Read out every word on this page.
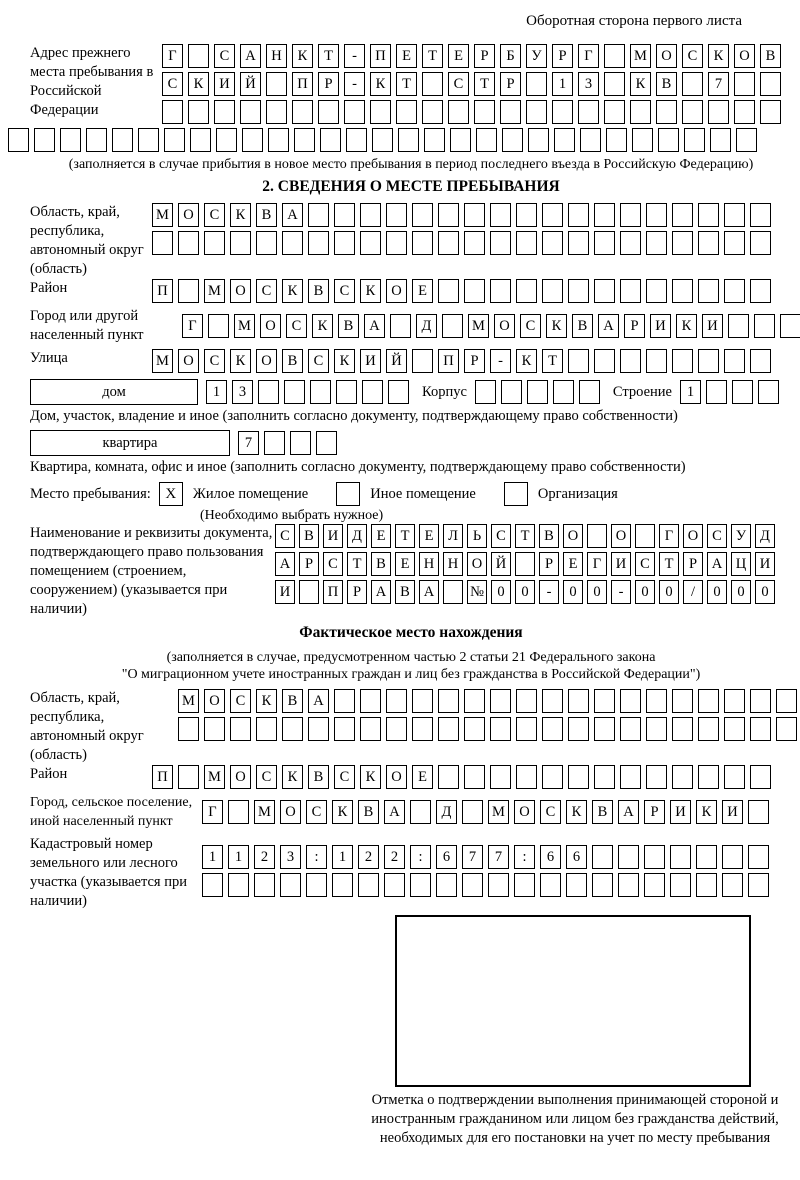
Оборотная сторона первого листа
Адрес прежнего места пребывания в Российской Федерации
Г	С	А	Н	К	Т	-	П	Е	Т	Е	Р	Б	У	Р	Г	М О	С	К	О	В
С	К	И	Й	П	Р	-	К	Т	С	Т	Р	1	3	К	В	7
(заполняется в случае прибытия в новое место пребывания в период последнего въезда в Российскую Федерацию)
2. СВЕДЕНИЯ О МЕСТЕ ПРЕБЫВАНИЯ
Область, край, республика, автономный округ (область)
М О	С	К	В	А
Район	П	М О	С	К	В	С	К	О	Е
Город или другой населенный пункт
Г	М О	С	К	В	А	Д	М О	С	К	В	А	Р	И	К	И
Улица	М О	С	К	О	В	С	К	И	Й	П	Р	-	К	Т
дом	1	3	Корпус	Строение	1
Дом, участок, владение и иное (заполнить согласно документу, подтверждающему право собственности)
квартира	7
Квартира, комната, офис и иное (заполнить согласно документу, подтверждающему право собственности)
Место пребывания: X	Жилое помещение	Иное помещение	Организация
(Необходимо выбрать нужное)
Наименование и реквизиты документа, подтверждающего право пользования помещением (строением, сооружением) (указывается при наличии)
С В И Д	Е	Т	Е	Л	Ь	С	Т	В О	О	Г	О С У Д
А	Р	С	Т	В	Е Н Н О Й	Р	Е	Г	И С	Т	Р	А Ц И
И	П	Р	А В А	№ 0	0	-	0	0	-	0	0	/	0	0	0
Фактическое место нахождения
(заполняется в случае, предусмотренном частью 2 статьи 21 Федерального закона
"О миграционном учете иностранных граждан и лиц без гражданства в Российской Федерации")
Область, край, республика, автономный округ (область)
М О	С	К	В	А
Район	П	М О	С	К	В	С	К	О	Е
Город, сельское поселение, иной населенный пункт
Г	М О	С	К	В	А	Д	М О	С	К	В	А	Р	И	К	И
Кадастровый номер земельного или лесного участка (указывается при наличии)
1	1	2	3	:	1	2	2	:	6	7	7	:	6	6
Отметка о подтверждении выполнения принимающей стороной и иностранным гражданином или лицом без гражданства действий, необходимых для его постановки на учет по месту пребывания
